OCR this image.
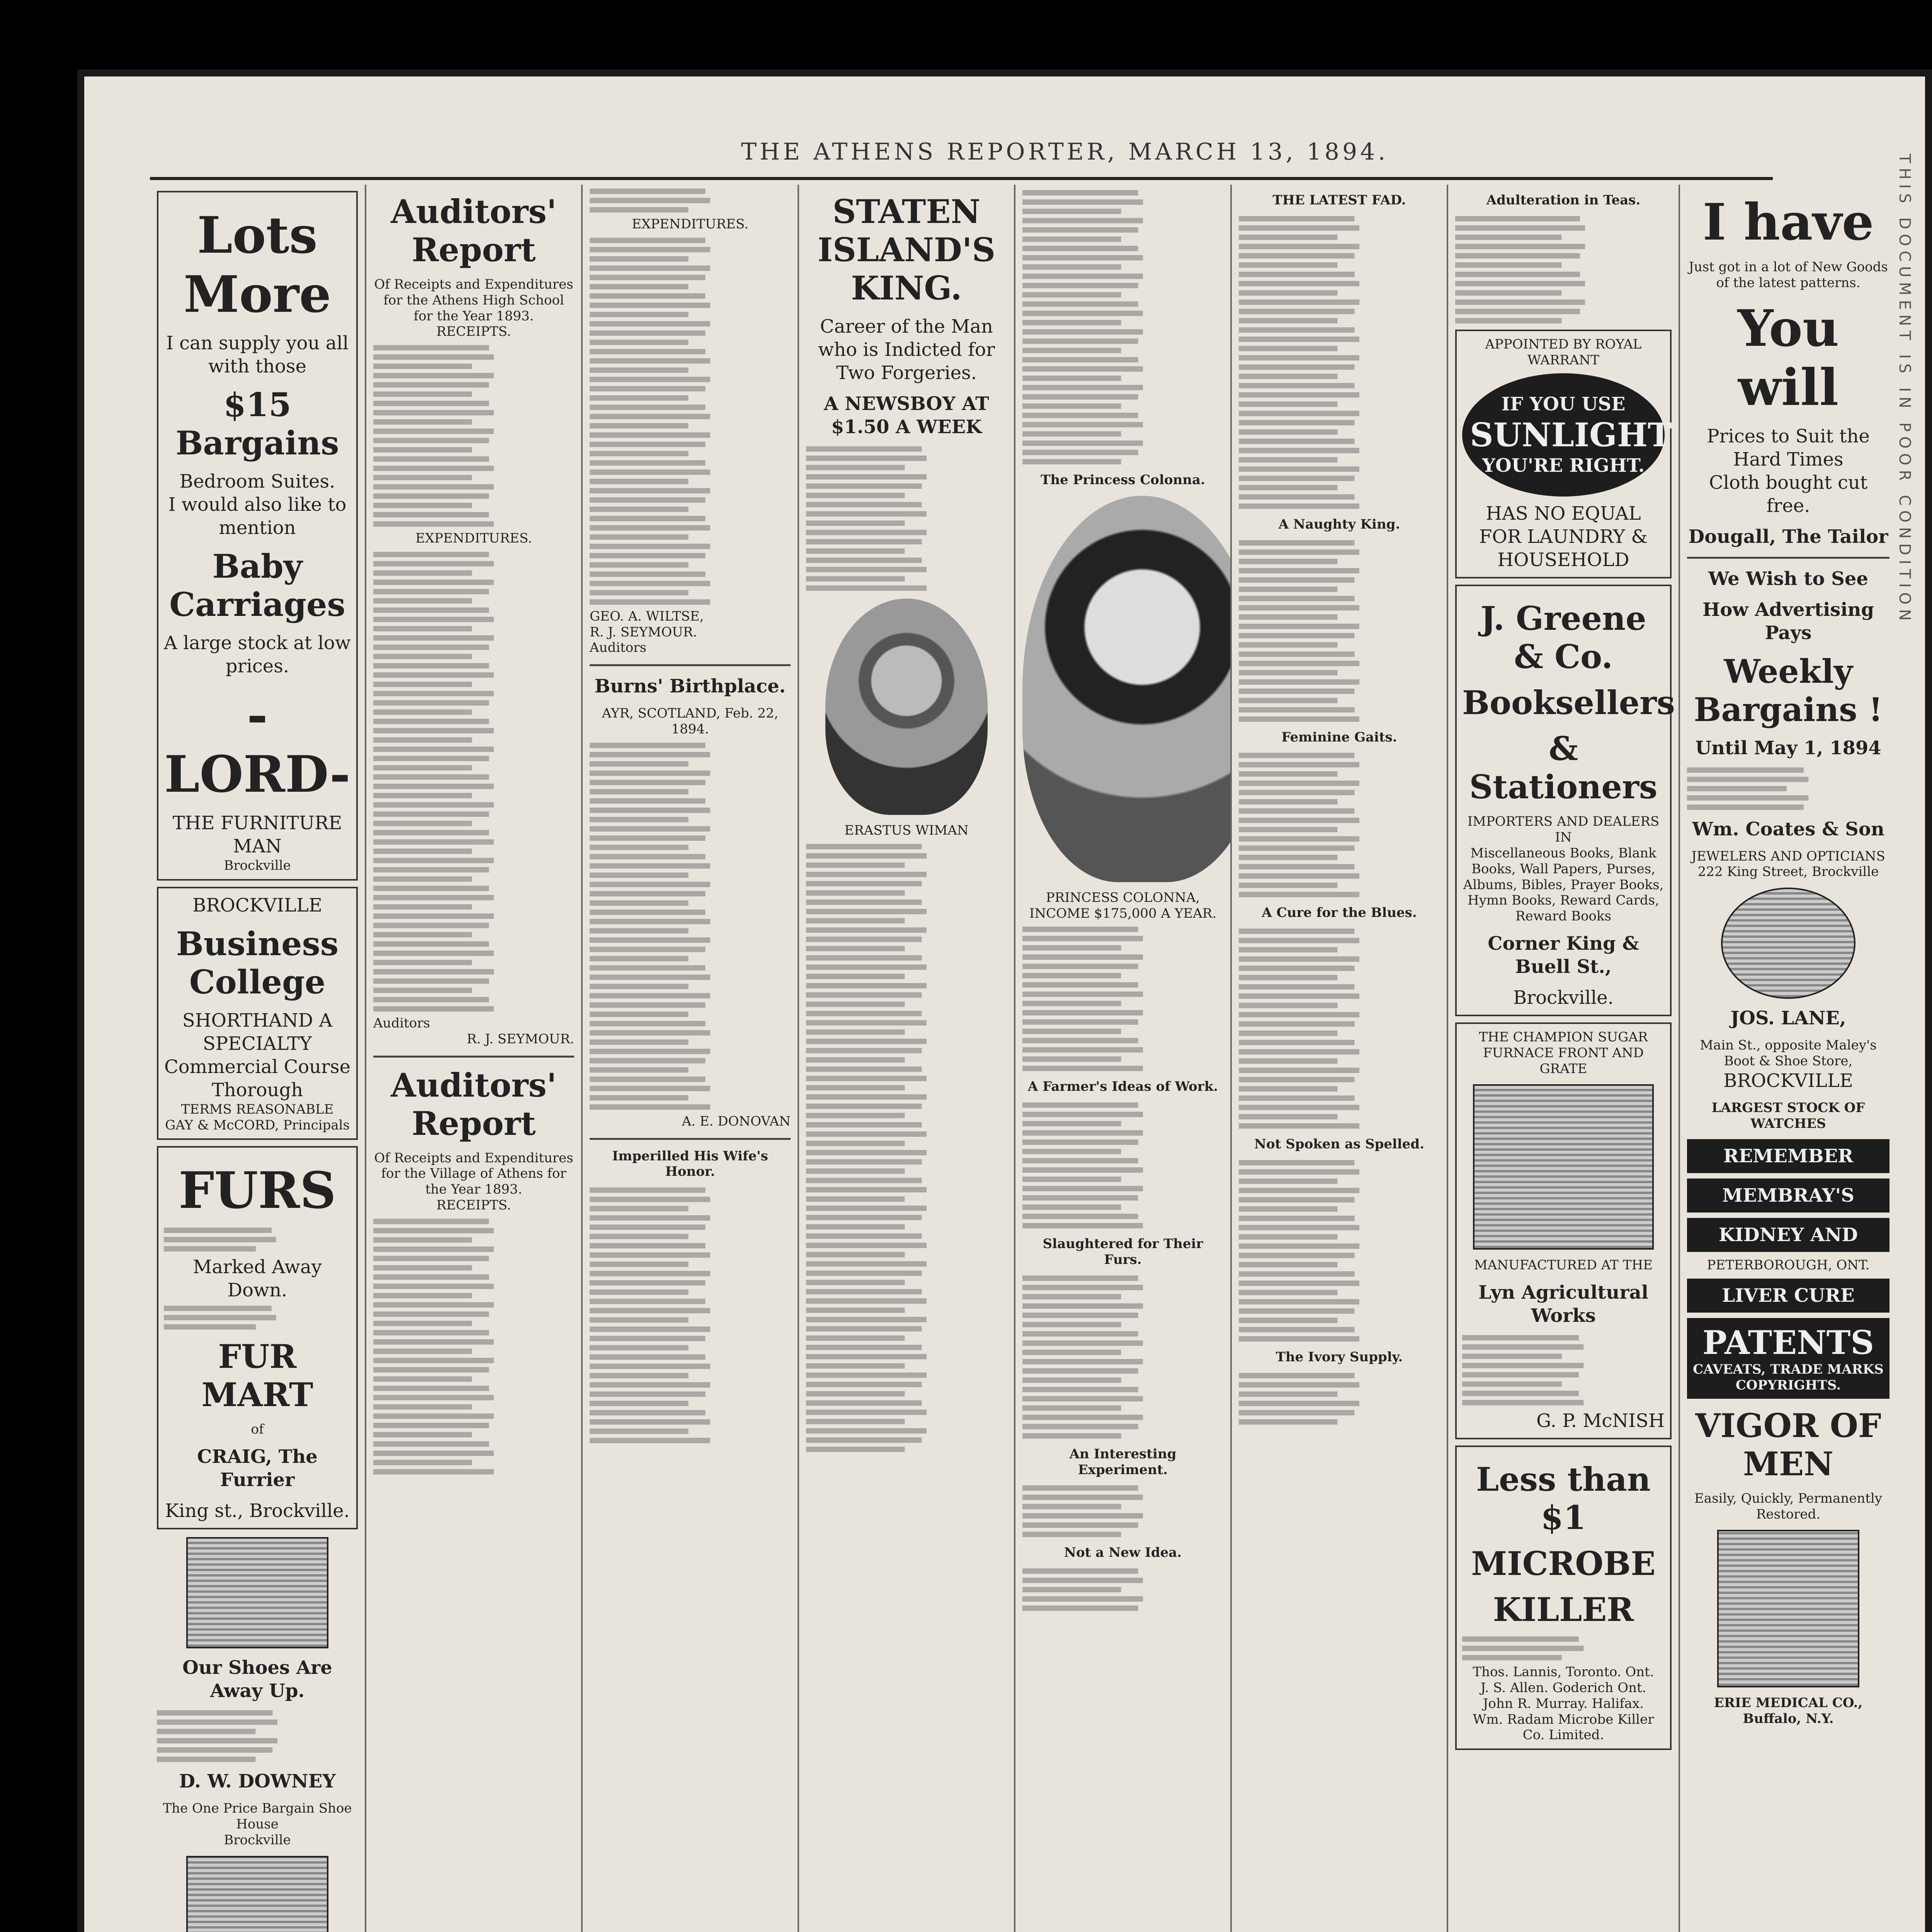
THE ATHENS REPORTER, MARCH 13, 1894.
THIS DOCUMENT IS IN POOR CONDITION
Lots More
I can supply you all with those
$15 Bargains
Bedroom Suites.
I would also like to mention
Baby Carriages
A large stock at low prices.
-LORD-
THE FURNITURE MAN
Brockville
BROCKVILLE
Business College
SHORTHAND A SPECIALTY
Commercial Course Thorough
TERMS REASONABLE
GAY & McCORD, Principals
FURS
Marked Away Down.
FUR MART
of
CRAIG, The Furrier
King st., Brockville.
Our Shoes Are Away Up.
D. W. DOWNEY
The One Price Bargain Shoe House
Brockville
Auditors' Report
Of Receipts and Expenditures for the Athens High School for the Year 1893.
RECEIPTS.
EXPENDITURES.
Auditors
R. J. SEYMOUR.
Auditors' Report
Of Receipts and Expenditures for the Village of Athens for the Year 1893.
RECEIPTS.
EXPENDITURES.
GEO. A. WILTSE,
R. J. SEYMOUR.
Auditors
Burns' Birthplace.
AYR, SCOTLAND, Feb. 22, 1894.
A. E. DONOVAN
Imperilled His Wife's Honor.
STATEN ISLAND'S KING.
Career of the Man who is Indicted for Two Forgeries.
A NEWSBOY AT $1.50 A WEEK
ERASTUS WIMAN
The Princess Colonna.
PRINCESS COLONNA, INCOME $175,000 A YEAR.
A Farmer's Ideas of Work.
Slaughtered for Their Furs.
An Interesting Experiment.
Not a New Idea.
THE LATEST FAD.
A Naughty King.
Feminine Gaits.
A Cure for the Blues.
Not Spoken as Spelled.
The Ivory Supply.
Adulteration in Teas.
APPOINTED BY ROYAL WARRANT
IF YOU USE
SUNLIGHT
YOU'RE RIGHT.
HAS NO EQUAL FOR LAUNDRY & HOUSEHOLD
J. Greene & Co.
Booksellers
& Stationers
IMPORTERS AND DEALERS IN
Miscellaneous Books, Blank Books, Wall Papers, Purses, Albums, Bibles, Prayer Books, Hymn Books, Reward Cards, Reward Books
Corner King & Buell St.,
Brockville.
THE CHAMPION SUGAR FURNACE FRONT AND GRATE
MANUFACTURED AT THE
Lyn Agricultural Works
G. P. McNISH
Less than $1
MICROBE
KILLER
Thos. Lannis, Toronto. Ont.
J. S. Allen. Goderich Ont.
John R. Murray. Halifax.
Wm. Radam Microbe Killer Co. Limited.
I have
Just got in a lot of New Goods of the latest patterns.
You will
Prices to Suit the Hard Times
Cloth bought cut free.
Dougall, The Tailor
We Wish to See
How Advertising Pays
Weekly Bargains !
Until May 1, 1894
Wm. Coates & Son
JEWELERS AND OPTICIANS
222 King Street, Brockville
JOS. LANE,
Main St., opposite Maley's Boot & Shoe Store,
BROCKVILLE
LARGEST STOCK OF WATCHES
REMEMBER
MEMBRAY'S
KIDNEY AND
PETERBOROUGH, ONT.
LIVER CURE
PATENTS
CAVEATS, TRADE MARKS COPYRIGHTS.
VIGOR OF MEN
Easily, Quickly, Permanently Restored.
ERIE MEDICAL CO., Buffalo, N.Y.
